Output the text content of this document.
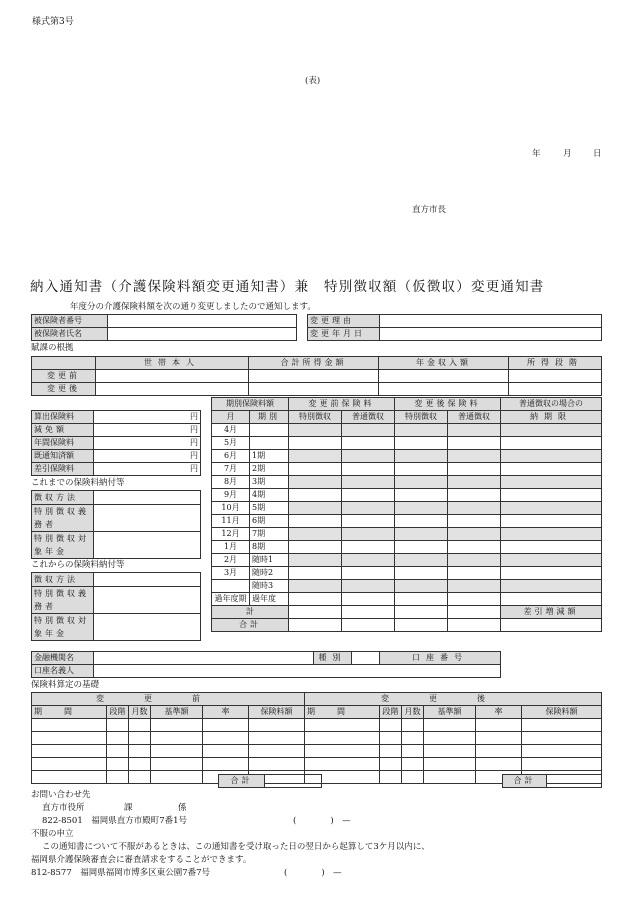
様式第3号
(表)
年	月	日
直方市長
納入通知書（介護保険料額変更通知書）兼　特別徴収額（仮徴収）変更通知書
年度分の介護保険料額を次の通り変更しましたので通知します。
被保険者番号	
被保険者氏名	
変更理由	
変更年月日	
賦課の根拠
	世帯本人	合計所得金額	年金収入額	所得段階
変更前				
変更後				
算出保険料	円
減免額	円
年間保険料	円
既通知済額	円
差引保険料	円
これまでの保険料納付等
徴収方法	
特別徴収義務者	
特別徴収対象年金	
これからの保険料納付等
徴収方法	
特別徴収義務者	
特別徴収対象年金	
期別保険料額		変更前保険料		変更後保険料		普通徴収の場合の
月	期別	特別徴収	普通徴収	特別徴収	普通徴収	納期限
4月						
5月						
6月	1期					
7月	2期					
8月	3期					
9月	4期					
10月	5期					
11月	6期					
12月	7期					
1月	8期					
2月	随時1					
3月	随時2					
	随時3					
過年度期	過年度					
計						差引増減額
合計						
金融機関名		種別		口座番号
口座名義人				
保険料算定の基礎
変更前						変更後					
期間	段階	月数	基準額	率	保険料額	期間	段階	月数	基準額	率	保険料額

合計		合計	
お問い合わせ先
直方市役所	課	係
822-8501　福岡県直方市殿町7番1号	(　　　　)　—
不服の申立
この通知書について不服があるときは、この通知書を受け取った日の翌日から起算して3ケ月以内に、
福岡県介護保険審査会に審査請求をすることができます。
812-8577　福岡県福岡市博多区東公園7番7号	(　　　　)　—
